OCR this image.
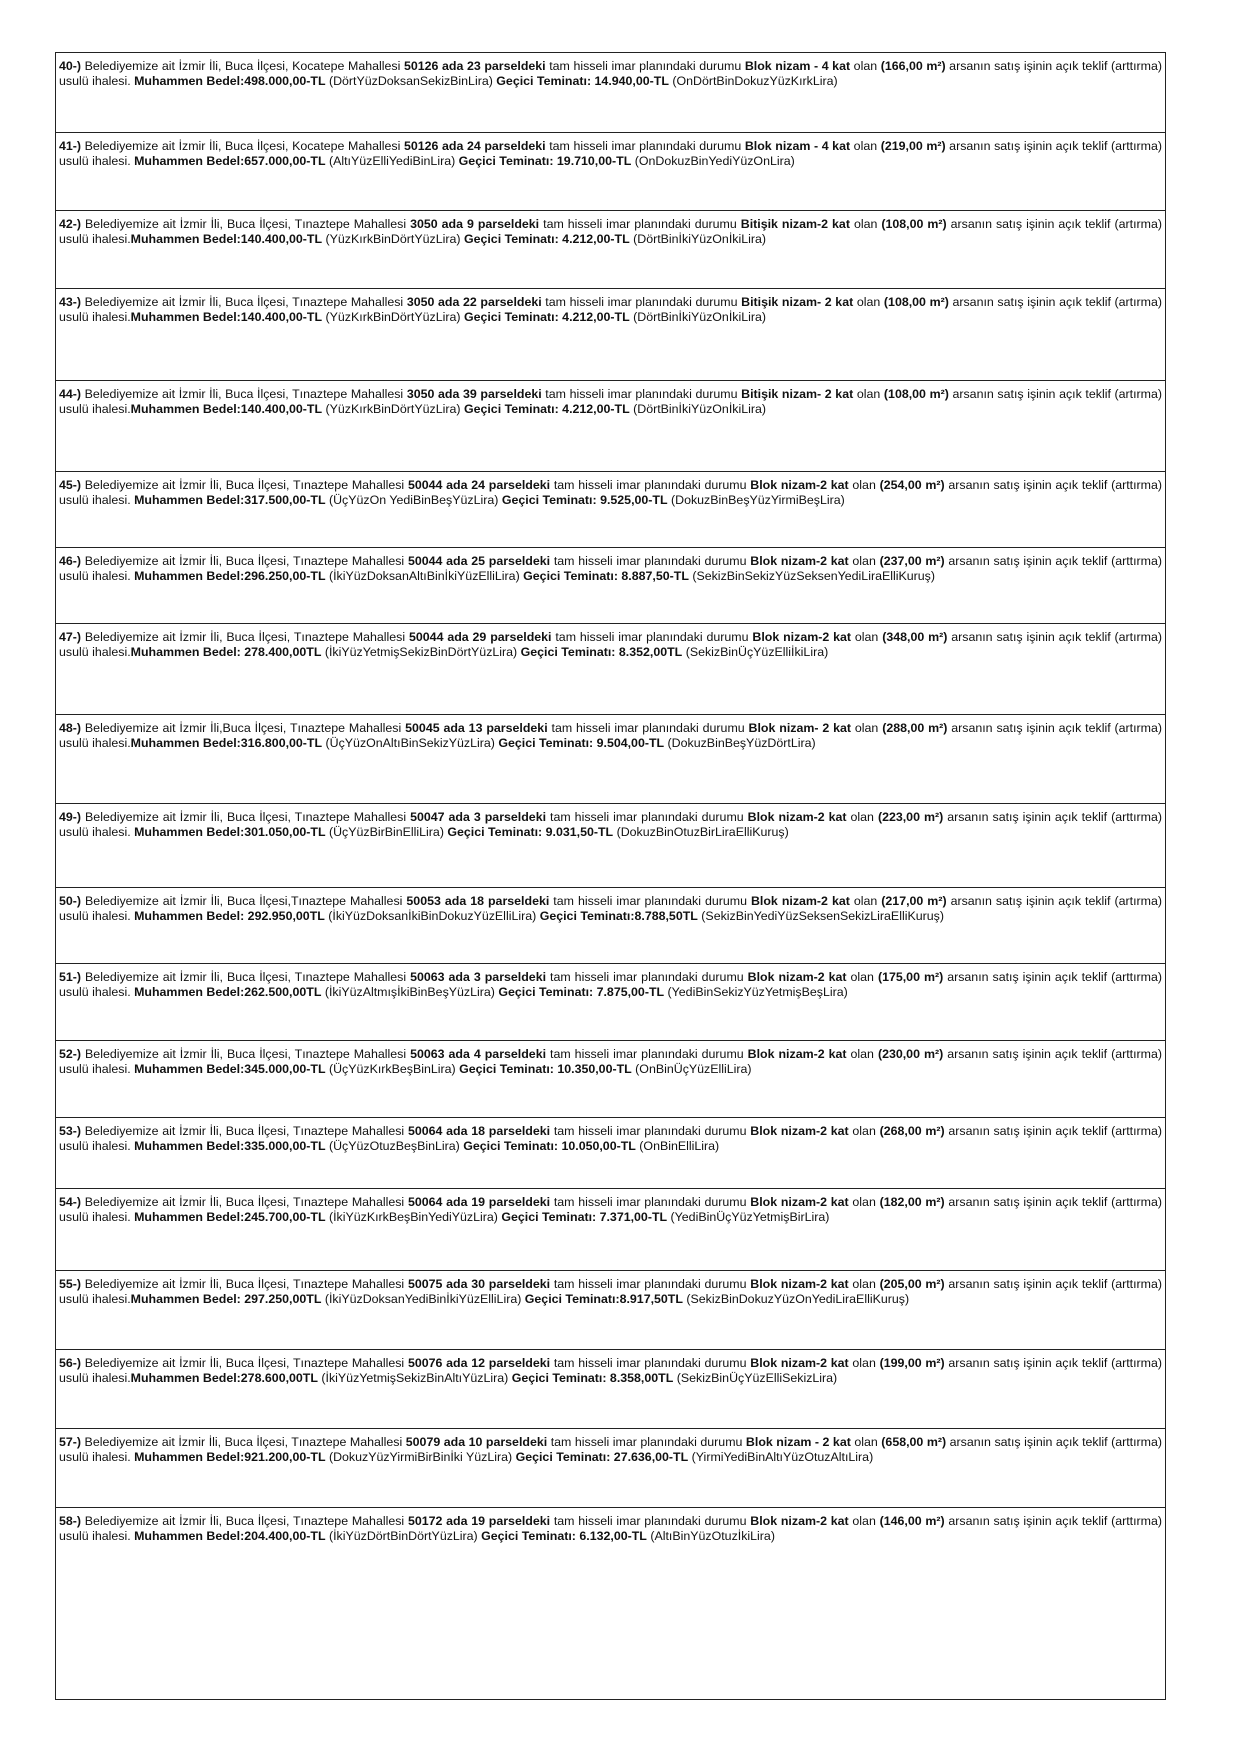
40-) Belediyemize ait İzmir İli, Buca İlçesi, Kocatepe Mahallesi 50126 ada 23 parseldeki tam hisseli imar planındaki durumu Blok nizam - 4 kat olan (166,00 m²) arsanın satış işinin açık teklif (arttırma) usulü ihalesi. Muhammen Bedel:498.000,00-TL (DörtYüzDoksanSekizBinLira) Geçici Teminatı: 14.940,00-TL (OnDörtBinDokuzYüzKırkLira)

41-) Belediyemize ait İzmir İli, Buca İlçesi, Kocatepe Mahallesi 50126 ada 24 parseldeki tam hisseli imar planındaki durumu Blok nizam - 4 kat olan (219,00 m²) arsanın satış işinin açık teklif (arttırma) usulü ihalesi. Muhammen Bedel:657.000,00-TL (AltıYüzElliYediBinLira) Geçici Teminatı: 19.710,00-TL (OnDokuzBinYediYüzOnLira)

42-) Belediyemize ait İzmir İli, Buca İlçesi, Tınaztepe Mahallesi 3050 ada 9 parseldeki tam hisseli imar planındaki durumu Bitişik nizam-2 kat olan (108,00 m²) arsanın satış işinin açık teklif (artırma) usulü ihalesi.Muhammen Bedel:140.400,00-TL (YüzKırkBinDörtYüzLira) Geçici Teminatı: 4.212,00-TL (DörtBinİkiYüzOnİkiLira)

43-) Belediyemize ait İzmir İli, Buca İlçesi, Tınaztepe Mahallesi 3050 ada 22 parseldeki tam hisseli imar planındaki durumu Bitişik nizam- 2 kat olan (108,00 m²) arsanın satış işinin açık teklif (artırma) usulü ihalesi.Muhammen Bedel:140.400,00-TL (YüzKırkBinDörtYüzLira) Geçici Teminatı: 4.212,00-TL (DörtBinİkiYüzOnİkiLira)

44-) Belediyemize ait İzmir İli, Buca İlçesi, Tınaztepe Mahallesi 3050 ada 39 parseldeki tam hisseli imar planındaki durumu Bitişik nizam- 2 kat olan (108,00 m²) arsanın satış işinin açık teklif (artırma) usulü ihalesi.Muhammen Bedel:140.400,00-TL (YüzKırkBinDörtYüzLira) Geçici Teminatı: 4.212,00-TL (DörtBinİkiYüzOnİkiLira)

45-) Belediyemize ait İzmir İli, Buca İlçesi, Tınaztepe Mahallesi 50044 ada 24 parseldeki tam hisseli imar planındaki durumu Blok nizam-2 kat olan (254,00 m²) arsanın satış işinin açık teklif (arttırma) usulü ihalesi. Muhammen Bedel:317.500,00-TL (ÜçYüzOn YediBinBeşYüzLira) Geçici Teminatı: 9.525,00-TL (DokuzBinBeşYüzYirmiBeşLira)

46-) Belediyemize ait İzmir İli, Buca İlçesi, Tınaztepe Mahallesi 50044 ada 25 parseldeki tam hisseli imar planındaki durumu Blok nizam-2 kat olan (237,00 m²) arsanın satış işinin açık teklif (arttırma) usulü ihalesi. Muhammen Bedel:296.250,00-TL (İkiYüzDoksanAltıBinİkiYüzElliLira) Geçici Teminatı: 8.887,50-TL (SekizBinSekizYüzSeksenYediLiraElliKuruş)

47-) Belediyemize ait İzmir İli, Buca İlçesi, Tınaztepe Mahallesi 50044 ada 29 parseldeki tam hisseli imar planındaki durumu Blok nizam-2 kat olan (348,00 m²) arsanın satış işinin açık teklif (artırma) usulü ihalesi.Muhammen Bedel: 278.400,00TL (İkiYüzYetmişSekizBinDörtYüzLira) Geçici Teminatı: 8.352,00TL (SekizBinÜçYüzElliİkiLira)

48-) Belediyemize ait İzmir İli,Buca İlçesi, Tınaztepe Mahallesi 50045 ada 13 parseldeki tam hisseli imar planındaki durumu Blok nizam- 2 kat olan (288,00 m²) arsanın satış işinin açık teklif (artırma) usulü ihalesi.Muhammen Bedel:316.800,00-TL (ÜçYüzOnAltıBinSekizYüzLira) Geçici Teminatı: 9.504,00-TL (DokuzBinBeşYüzDörtLira)

49-) Belediyemize ait İzmir İli, Buca İlçesi, Tınaztepe Mahallesi 50047 ada 3 parseldeki tam hisseli imar planındaki durumu Blok nizam-2 kat olan (223,00 m²) arsanın satış işinin açık teklif (arttırma) usulü ihalesi. Muhammen Bedel:301.050,00-TL (ÜçYüzBirBinElliLira) Geçici Teminatı: 9.031,50-TL (DokuzBinOtuzBirLiraElliKuruş)

50-) Belediyemize ait İzmir İli, Buca İlçesi,Tınaztepe Mahallesi 50053 ada 18 parseldeki tam hisseli imar planındaki durumu Blok nizam-2 kat olan (217,00 m²) arsanın satış işinin açık teklif (artırma) usulü ihalesi. Muhammen Bedel: 292.950,00TL (İkiYüzDoksanİkiBinDokuzYüzElliLira) Geçici Teminatı:8.788,50TL (SekizBinYediYüzSeksenSekizLiraElliKuruş)

51-) Belediyemize ait İzmir İli, Buca İlçesi, Tınaztepe Mahallesi 50063 ada 3 parseldeki tam hisseli imar planındaki durumu Blok nizam-2 kat olan (175,00 m²) arsanın satış işinin açık teklif (arttırma) usulü ihalesi. Muhammen Bedel:262.500,00TL (İkiYüzAltmışİkiBinBeşYüzLira) Geçici Teminatı: 7.875,00-TL (YediBinSekizYüzYetmişBeşLira)

52-) Belediyemize ait İzmir İli, Buca İlçesi, Tınaztepe Mahallesi 50063 ada 4 parseldeki tam hisseli imar planındaki durumu Blok nizam-2 kat olan (230,00 m²) arsanın satış işinin açık teklif (arttırma) usulü ihalesi. Muhammen Bedel:345.000,00-TL (ÜçYüzKırkBeşBinLira) Geçici Teminatı: 10.350,00-TL (OnBinÜçYüzElliLira)

53-) Belediyemize ait İzmir İli, Buca İlçesi, Tınaztepe Mahallesi 50064 ada 18 parseldeki tam hisseli imar planındaki durumu Blok nizam-2 kat olan (268,00 m²) arsanın satış işinin açık teklif (arttırma) usulü ihalesi. Muhammen Bedel:335.000,00-TL (ÜçYüzOtuzBeşBinLira) Geçici Teminatı: 10.050,00-TL (OnBinElliLira)

54-) Belediyemize ait İzmir İli, Buca İlçesi, Tınaztepe Mahallesi 50064 ada 19 parseldeki tam hisseli imar planındaki durumu Blok nizam-2 kat olan (182,00 m²) arsanın satış işinin açık teklif (arttırma) usulü ihalesi. Muhammen Bedel:245.700,00-TL (İkiYüzKırkBeşBinYediYüzLira) Geçici Teminatı: 7.371,00-TL (YediBinÜçYüzYetmişBirLira)

55-) Belediyemize ait İzmir İli, Buca İlçesi, Tınaztepe Mahallesi 50075 ada 30 parseldeki tam hisseli imar planındaki durumu Blok nizam-2 kat olan (205,00 m²) arsanın satış işinin açık teklif (arttırma) usulü ihalesi.Muhammen Bedel: 297.250,00TL (İkiYüzDoksanYediBinİkiYüzElliLira) Geçici Teminatı:8.917,50TL (SekizBinDokuzYüzOnYediLiraElliKuruş)

56-) Belediyemize ait İzmir İli, Buca İlçesi, Tınaztepe Mahallesi 50076 ada 12 parseldeki tam hisseli imar planındaki durumu Blok nizam-2 kat olan (199,00 m²) arsanın satış işinin açık teklif (arttırma) usulü ihalesi.Muhammen Bedel:278.600,00TL (İkiYüzYetmişSekizBinAltıYüzLira) Geçici Teminatı: 8.358,00TL (SekizBinÜçYüzElliSekizLira)

57-) Belediyemize ait İzmir İli, Buca İlçesi, Tınaztepe Mahallesi 50079 ada 10 parseldeki tam hisseli imar planındaki durumu Blok nizam - 2 kat olan (658,00 m²) arsanın satış işinin açık teklif (arttırma) usulü ihalesi. Muhammen Bedel:921.200,00-TL (DokuzYüzYirmiBirBinİki YüzLira) Geçici Teminatı: 27.636,00-TL (YirmiYediBinAltıYüzOtuzAltıLira)

58-) Belediyemize ait İzmir İli, Buca İlçesi, Tınaztepe Mahallesi 50172 ada 19 parseldeki tam hisseli imar planındaki durumu Blok nizam-2 kat olan (146,00 m²) arsanın satış işinin açık teklif (arttırma) usulü ihalesi. Muhammen Bedel:204.400,00-TL (İkiYüzDörtBinDörtYüzLira) Geçici Teminatı: 6.132,00-TL (AltıBinYüzOtuzİkiLira)
